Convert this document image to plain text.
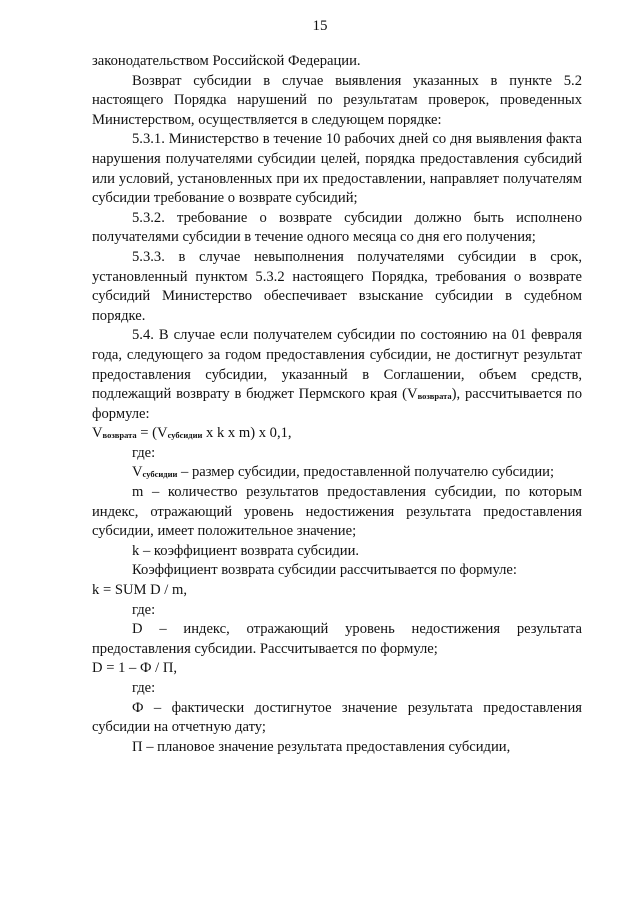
15

законодательством Российской Федерации.

Возврат субсидии в случае выявления указанных в пункте 5.2 настоящего Порядка нарушений по результатам проверок, проведенных Министерством, осуществляется в следующем порядке:

5.3.1. Министерство в течение 10 рабочих дней со дня выявления факта нарушения получателями субсидии целей, порядка предоставления субсидий или условий, установленных при их предоставлении, направляет получателям субсидии требование о возврате субсидий;

5.3.2. требование о возврате субсидии должно быть исполнено получателями субсидии в течение одного месяца со дня его получения;

5.3.3. в случае невыполнения получателями субсидии в срок, установленный пунктом 5.3.2 настоящего Порядка, требования о возврате субсидий Министерство обеспечивает взыскание субсидии в судебном порядке.

5.4. В случае если получателем субсидии по состоянию на 01 февраля года, следующего за годом предоставления субсидии, не достигнут результат предоставления субсидии, указанный в Соглашении, объем средств, подлежащий возврату в бюджет Пермского края $(V_{возврата})$, рассчитывается по формуле:

$V_{возврата} = (V_{субсидии}$ x k x m) x 0,1,

где:

$V_{субсидии}$ – размер субсидии, предоставленной получателю субсидии;

m – количество результатов предоставления субсидии, по которым индекс, отражающий уровень недостижения результата предоставления субсидии, имеет положительное значение;

k – коэффициент возврата субсидии.

Коэффициент возврата субсидии рассчитывается по формуле:

k = SUM D / m,

где:

D – индекс, отражающий уровень недостижения результата предоставления субсидии. Рассчитывается по формуле;

D = 1 – Ф / П,

где:

Ф – фактически достигнутое значение результата предоставления субсидии на отчетную дату;

П – плановое значение результата предоставления субсидии,
